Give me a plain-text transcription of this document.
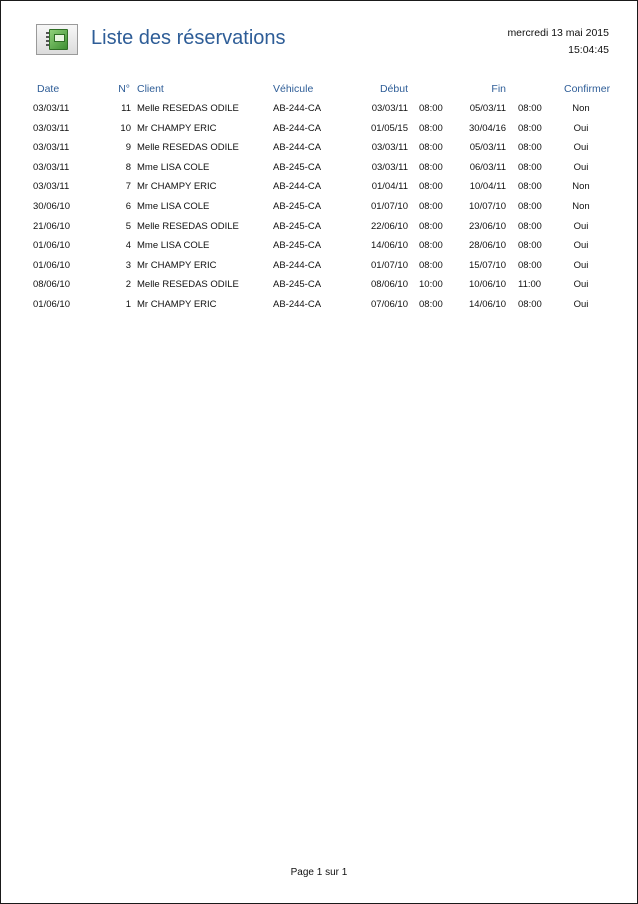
Liste des réservations	mercredi 13 mai 2015
15:04:45
Date	N° Client	Véhicule	Début	Fin	Confirmer
03/03/11	11 Melle RESEDAS ODILE	AB-244-CA	03/03/11 08:00	05/03/11 08:00	Non
03/03/11	10 Mr CHAMPY ERIC	AB-244-CA	01/05/15 08:00	30/04/16 08:00	Oui
03/03/11	9 Melle RESEDAS ODILE	AB-244-CA	03/03/11 08:00	05/03/11 08:00	Oui
03/03/11	8 Mme LISA COLE	AB-245-CA	03/03/11 08:00	06/03/11 08:00	Oui
03/03/11	7 Mr CHAMPY ERIC	AB-244-CA	01/04/11 08:00	10/04/11 08:00	Non
30/06/10	6 Mme LISA COLE	AB-245-CA	01/07/10 08:00	10/07/10 08:00	Non
21/06/10	5 Melle RESEDAS ODILE	AB-245-CA	22/06/10 08:00	23/06/10 08:00	Oui
01/06/10	4 Mme LISA COLE	AB-245-CA	14/06/10 08:00	28/06/10 08:00	Oui
01/06/10	3 Mr CHAMPY ERIC	AB-244-CA	01/07/10 08:00	15/07/10 08:00	Oui
08/06/10	2 Melle RESEDAS ODILE	AB-245-CA	08/06/10 10:00	10/06/10 11:00	Oui
01/06/10	1 Mr CHAMPY ERIC	AB-244-CA	07/06/10 08:00	14/06/10 08:00	Oui
Page 1 sur 1
